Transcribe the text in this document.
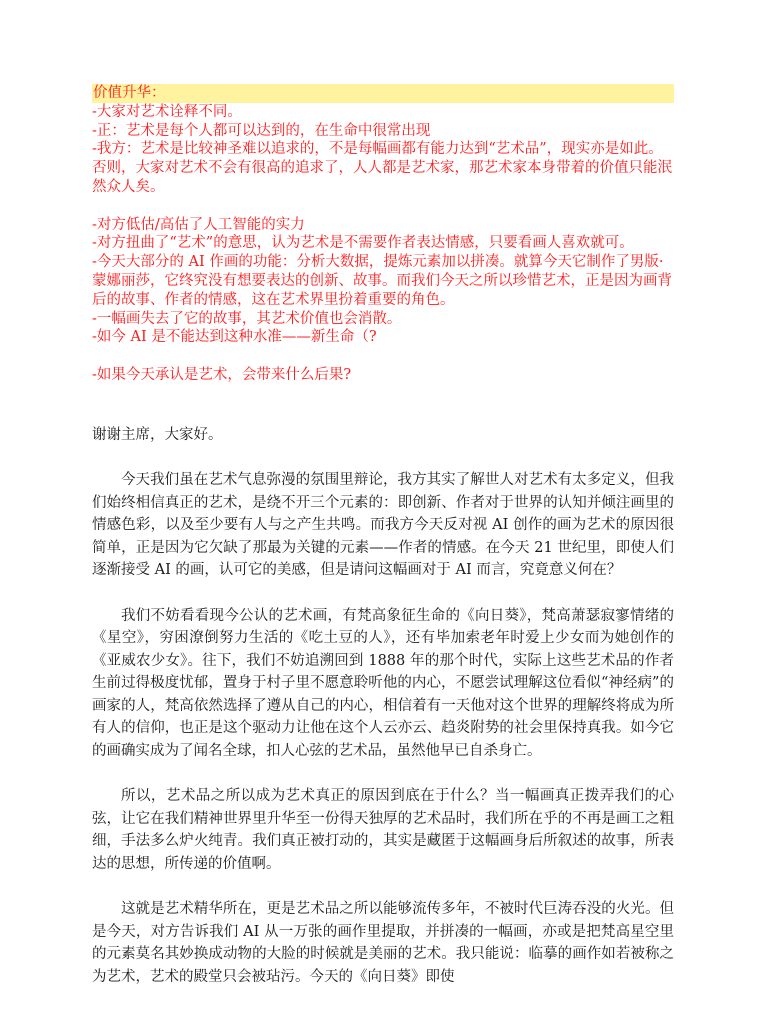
价值升华：
-大家对艺术诠释不同。
-正：艺术是每个人都可以达到的，在生命中很常出现
-我方：艺术是比较神圣难以追求的，不是每幅画都有能力达到“艺术品”，现实亦是如此。否则，大家对艺术不会有很高的追求了，人人都是艺术家，那艺术家本身带着的价值只能泯然众人矣。
-对方低估/高估了人工智能的实力
-对方扭曲了“艺术”的意思，认为艺术是不需要作者表达情感，只要看画人喜欢就可。
-今天大部分的 AI 作画的功能：分析大数据，提炼元素加以拼凑。就算今天它制作了男版·蒙娜丽莎，它终究没有想要表达的创新、故事。而我们今天之所以珍惜艺术，正是因为画背后的故事、作者的情感，这在艺术界里扮着重要的角色。
-一幅画失去了它的故事，其艺术价值也会消散。
-如今 AI 是不能达到这种水准——新生命（?
-如果今天承认是艺术，会带来什么后果?
谢谢主席，大家好。

今天我们虽在艺术气息弥漫的氛围里辩论，我方其实了解世人对艺术有太多定义，但我们始终相信真正的艺术，是绕不开三个元素的：即创新、作者对于世界的认知并倾注画里的情感色彩，以及至少要有人与之产生共鸣。而我方今天反对视 AI 创作的画为艺术的原因很简单，正是因为它欠缺了那最为关键的元素——作者的情感。在今天 21 世纪里，即使人们逐渐接受 AI 的画，认可它的美感，但是请问这幅画对于 AI 而言，究竟意义何在？

我们不妨看看现今公认的艺术画，有梵高象征生命的《向日葵》，梵高萧瑟寂寥情绪的《星空》，穷困潦倒努力生活的《吃土豆的人》，还有毕加索老年时爱上少女而为她创作的《亚威农少女》。往下，我们不妨追溯回到 1888 年的那个时代，实际上这些艺术品的作者生前过得极度忧郁，置身于村子里不愿意聆听他的内心，不愿尝试理解这位看似“神经病”的画家的人，梵高依然选择了遵从自己的内心，相信着有一天他对这个世界的理解终将成为所有人的信仰，也正是这个驱动力让他在这个人云亦云、趋炎附势的社会里保持真我。如今它的画确实成为了闻名全球，扣人心弦的艺术品，虽然他早已自杀身亡。

所以，艺术品之所以成为艺术真正的原因到底在于什么？当一幅画真正拨弄我们的心弦，让它在我们精神世界里升华至一份得天独厚的艺术品时，我们所在乎的不再是画工之粗细，手法多么炉火纯青。我们真正被打动的，其实是藏匿于这幅画身后所叙述的故事，所表达的思想，所传递的价值啊。

这就是艺术精华所在，更是艺术品之所以能够流传多年，不被时代巨涛吞没的火光。但是今天，对方告诉我们 AI 从一万张的画作里提取，并拼凑的一幅画，亦或是把梵高星空里的元素莫名其妙换成动物的大脸的时候就是美丽的艺术。我只能说：临摹的画作如若被称之为艺术，艺术的殿堂只会被玷污。今天的《向日葵》即使
